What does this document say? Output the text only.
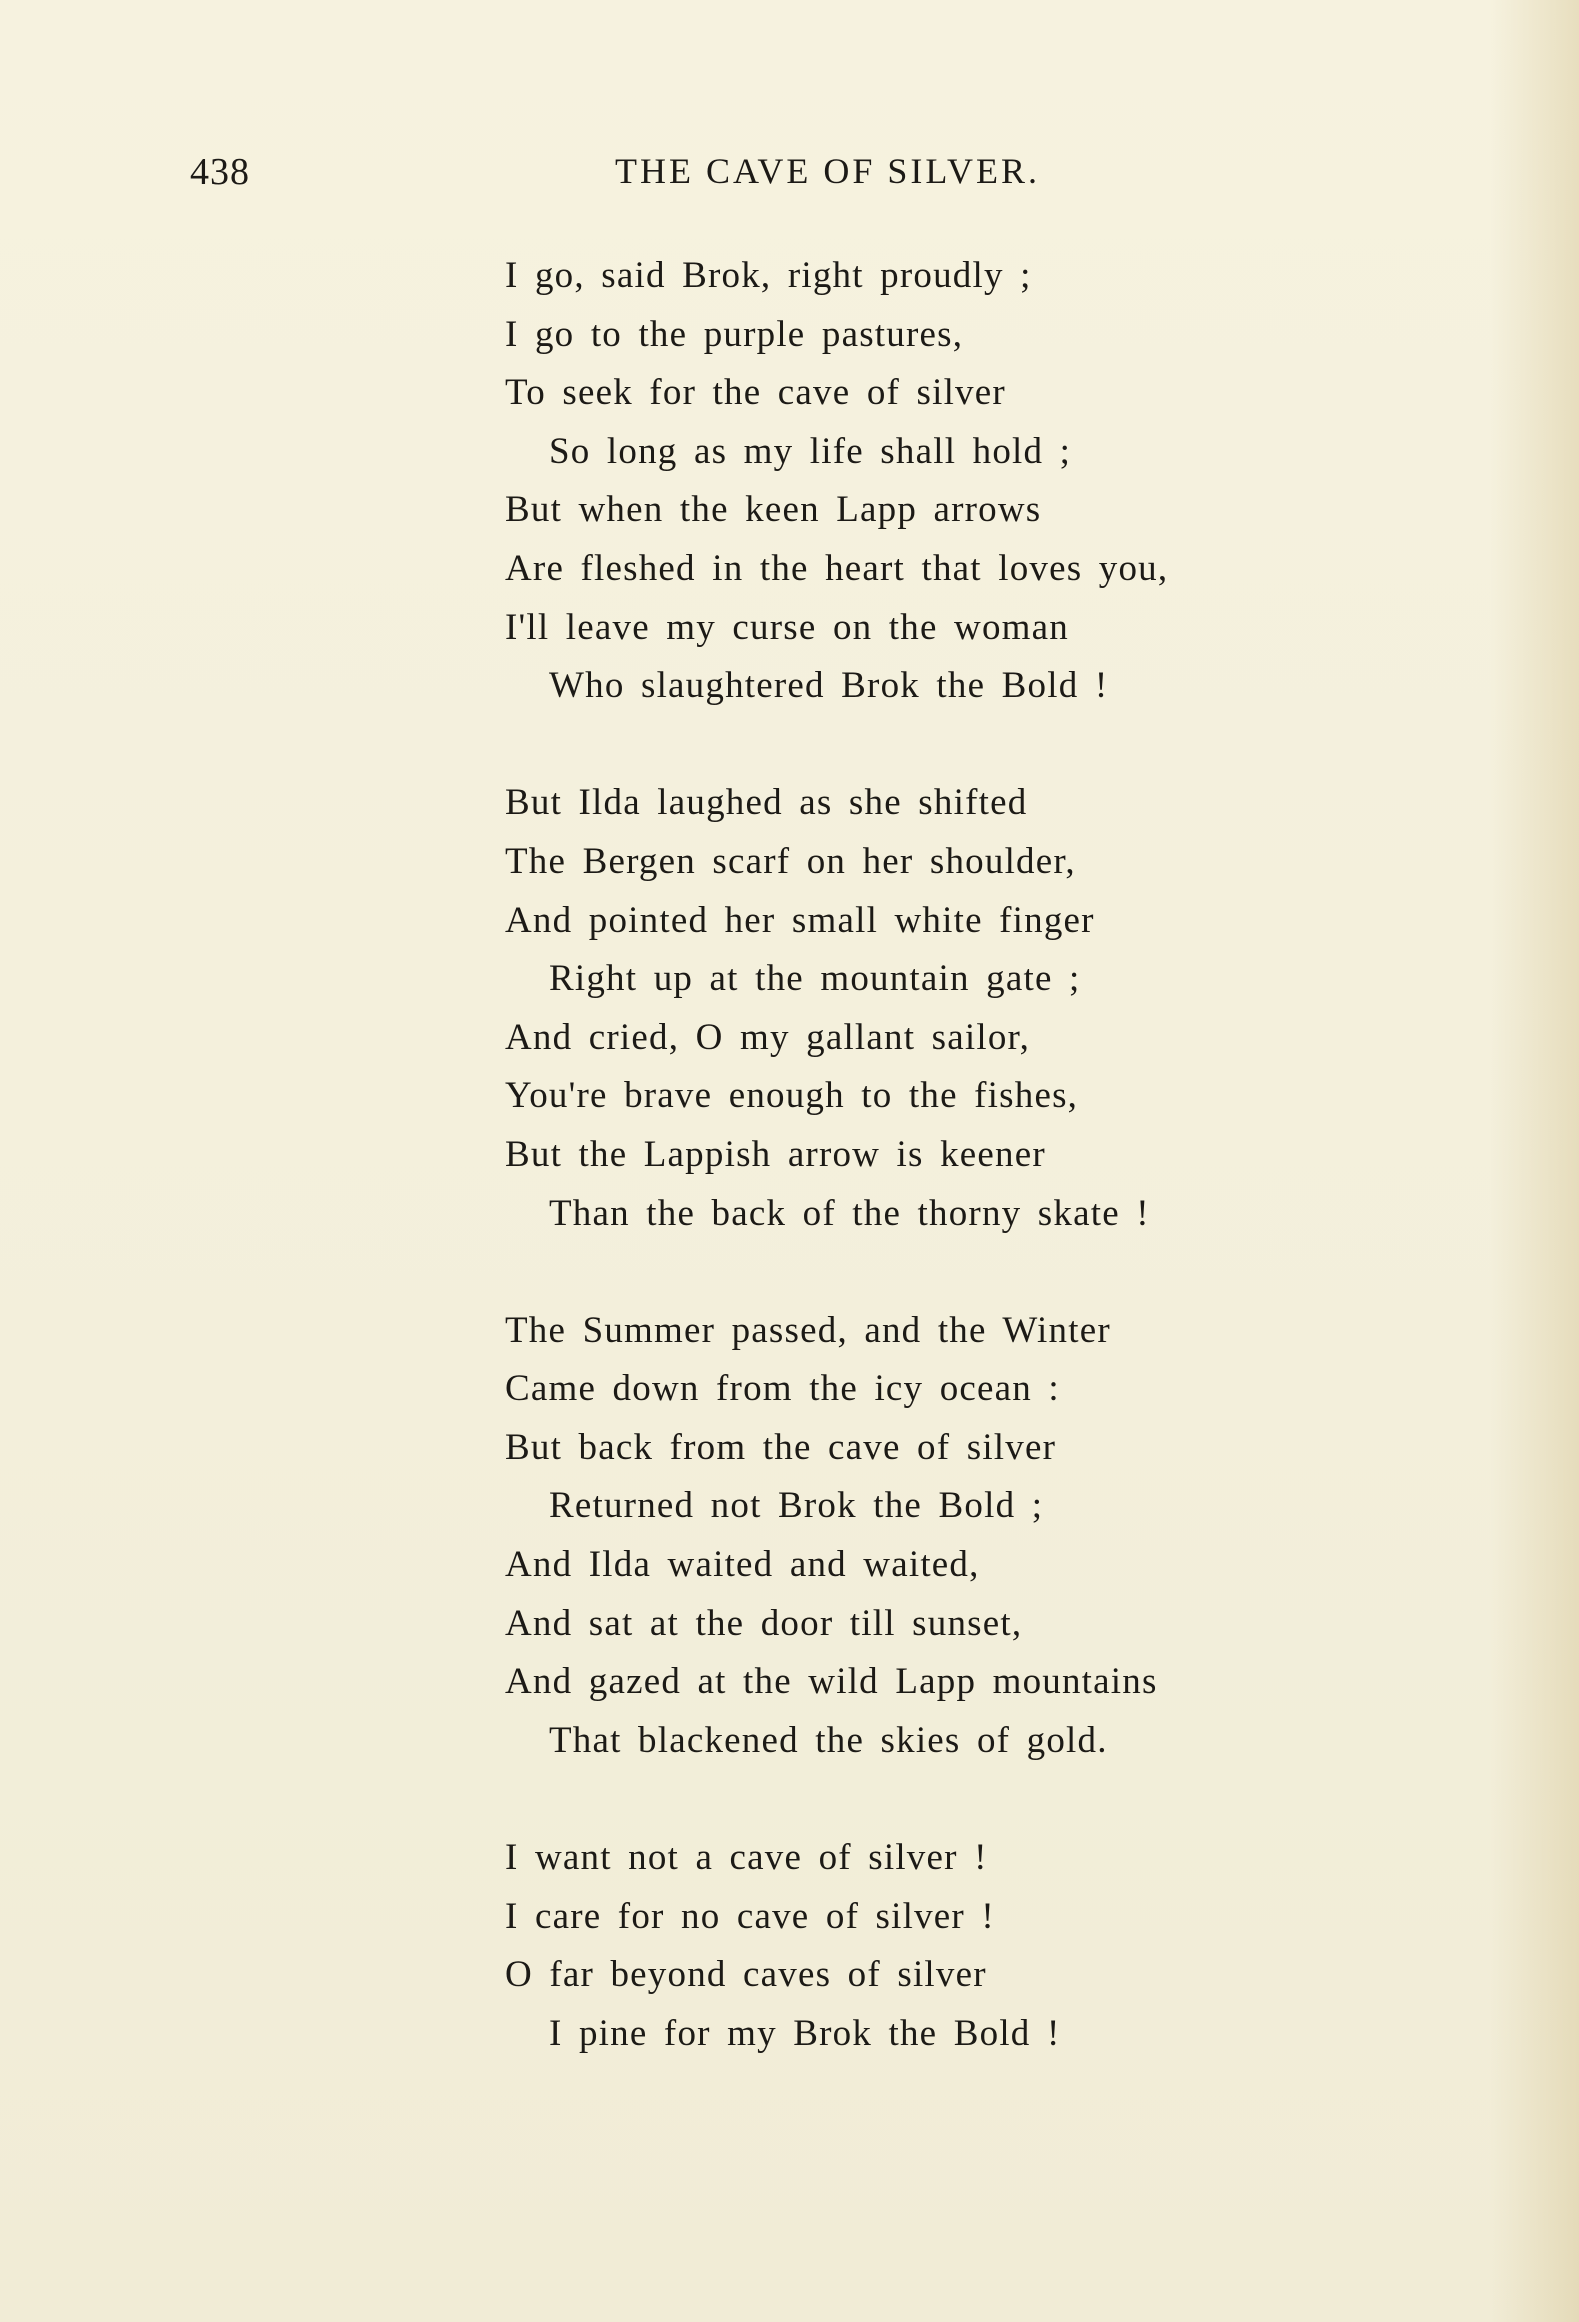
438	THE CAVE OF SILVER.
I go, said Brok, right proudly ;
I go to the purple pastures,
To seek for the cave of silver
So long as my life shall hold ;
But when the keen Lapp arrows
Are fleshed in the heart that loves you,
I'll leave my curse on the woman
Who slaughtered Brok the Bold !
But Ilda laughed as she shifted
The Bergen scarf on her shoulder,
And pointed her small white finger
Right up at the mountain gate ;
And cried, O my gallant sailor,
You're brave enough to the fishes,
But the Lappish arrow is keener
Than the back of the thorny skate !
The Summer passed, and the Winter
Came down from the icy ocean :
But back from the cave of silver
Returned not Brok the Bold ;
And Ilda waited and waited,
And sat at the door till sunset,
And gazed at the wild Lapp mountains
That blackened the skies of gold.
I want not a cave of silver !
I care for no cave of silver !
O far beyond caves of silver
I pine for my Brok the Bold !
